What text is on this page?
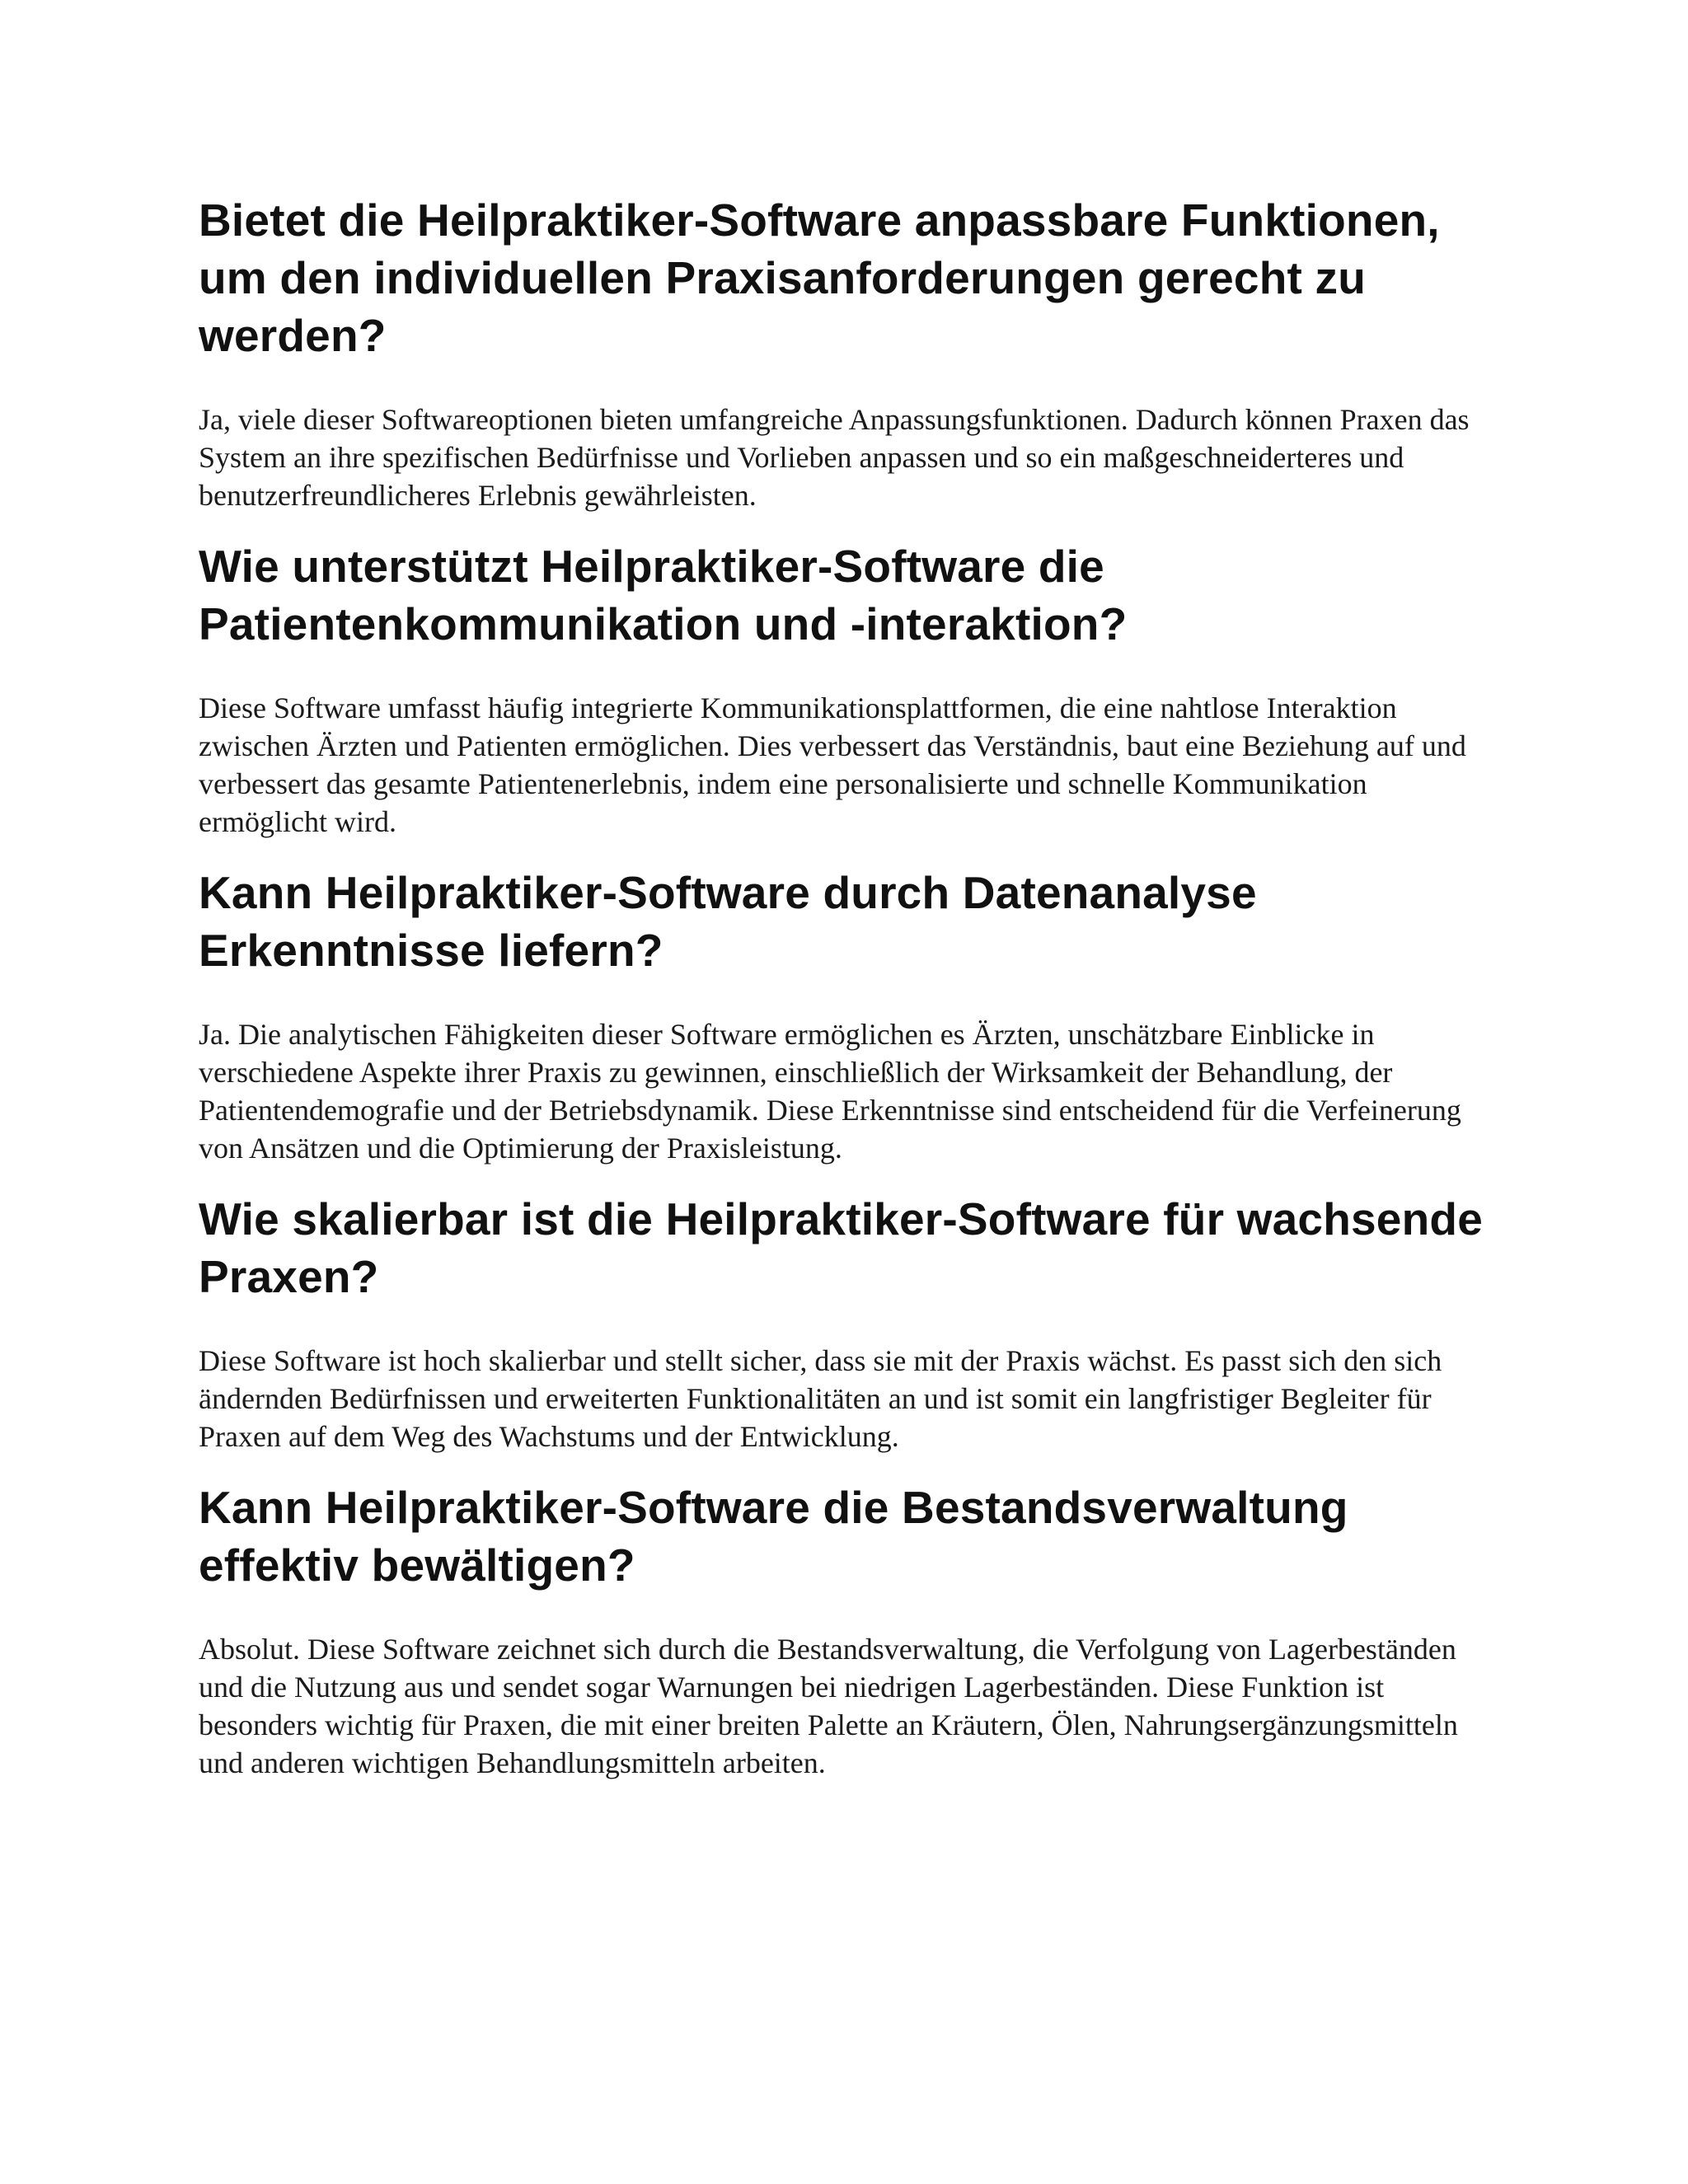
Bietet die Heilpraktiker-Software anpassbare Funktionen, um den individuellen Praxisanforderungen gerecht zu werden?

Ja, viele dieser Softwareoptionen bieten umfangreiche Anpassungsfunktionen. Dadurch können Praxen das System an ihre spezifischen Bedürfnisse und Vorlieben anpassen und so ein maßgeschneiderteres und benutzerfreundlicheres Erlebnis gewährleisten.

Wie unterstützt Heilpraktiker-Software die Patientenkommunikation und -interaktion?

Diese Software umfasst häufig integrierte Kommunikationsplattformen, die eine nahtlose Interaktion zwischen Ärzten und Patienten ermöglichen. Dies verbessert das Verständnis, baut eine Beziehung auf und verbessert das gesamte Patientenerlebnis, indem eine personalisierte und schnelle Kommunikation ermöglicht wird.

Kann Heilpraktiker-Software durch Datenanalyse Erkenntnisse liefern?

Ja. Die analytischen Fähigkeiten dieser Software ermöglichen es Ärzten, unschätzbare Einblicke in verschiedene Aspekte ihrer Praxis zu gewinnen, einschließlich der Wirksamkeit der Behandlung, der Patientendemografie und der Betriebsdynamik. Diese Erkenntnisse sind entscheidend für die Verfeinerung von Ansätzen und die Optimierung der Praxisleistung.

Wie skalierbar ist die Heilpraktiker-Software für wachsende Praxen?

Diese Software ist hoch skalierbar und stellt sicher, dass sie mit der Praxis wächst. Es passt sich den sich ändernden Bedürfnissen und erweiterten Funktionalitäten an und ist somit ein langfristiger Begleiter für Praxen auf dem Weg des Wachstums und der Entwicklung.

Kann Heilpraktiker-Software die Bestandsverwaltung effektiv bewältigen?

Absolut. Diese Software zeichnet sich durch die Bestandsverwaltung, die Verfolgung von Lagerbeständen und die Nutzung aus und sendet sogar Warnungen bei niedrigen Lagerbeständen. Diese Funktion ist besonders wichtig für Praxen, die mit einer breiten Palette an Kräutern, Ölen, Nahrungsergänzungsmitteln und anderen wichtigen Behandlungsmitteln arbeiten.
